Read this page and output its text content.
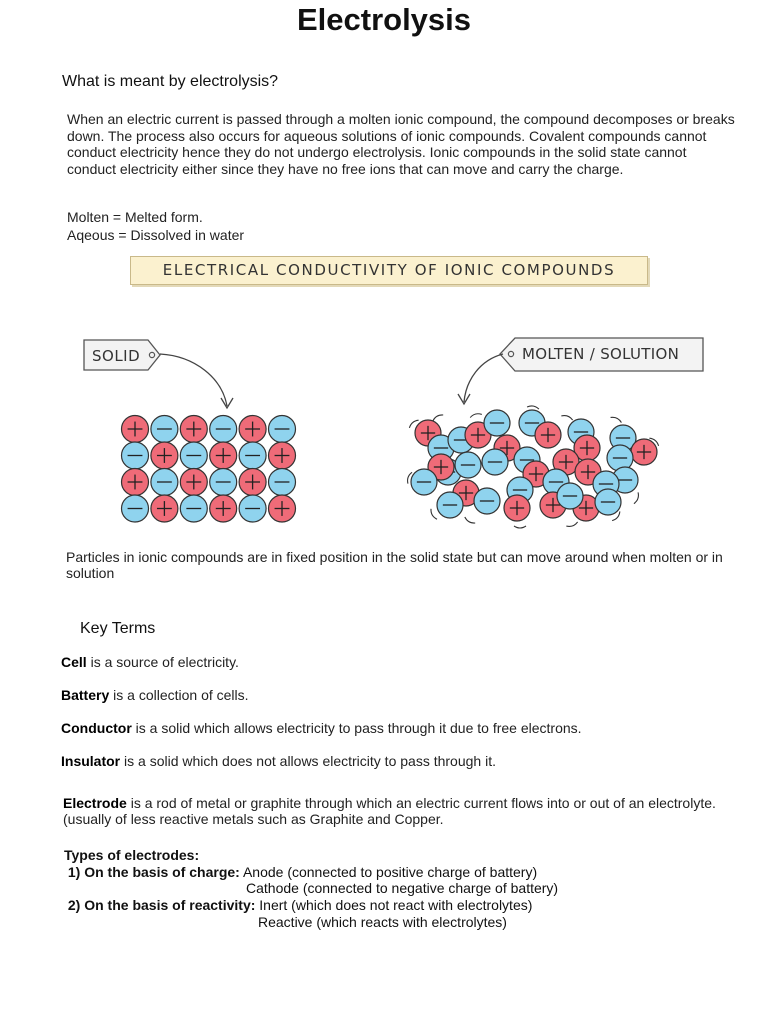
Electrolysis
What is meant by electrolysis?
When an electric current is passed through a molten ionic compound, the compound decomposes or breaks down. The process also occurs for aqueous solutions of ionic compounds. Covalent compounds cannot conduct electricity hence they do not undergo electrolysis. Ionic compounds in the solid state cannot conduct electricity either since they have no free ions that can move and carry the charge.
Molten = Melted form.
Aqeous = Dissolved in water
ELECTRICAL CONDUCTIVITY OF IONIC COMPOUNDS
SOLID	MOLTEN / SOLUTION
Particles in ionic compounds are in fixed position in the solid state but can move around when molten or in solution
Key Terms
Cell is a source of electricity.
Battery is a collection of cells.
Conductor is a solid which allows electricity to pass through it due to free electrons.
Insulator is a solid which does not allows electricity to pass through it.
Electrode is a rod of metal or graphite through which an electric current flows into or out of an electrolyte. (usually of less reactive metals such as Graphite and Copper.
Types of electrodes:
1) On the basis of charge: Anode (connected to positive charge of battery)
Cathode (connected to negative charge of battery)
2) On the basis of reactivity: Inert (which does not react with electrolytes)
Reactive (which reacts with electrolytes)
